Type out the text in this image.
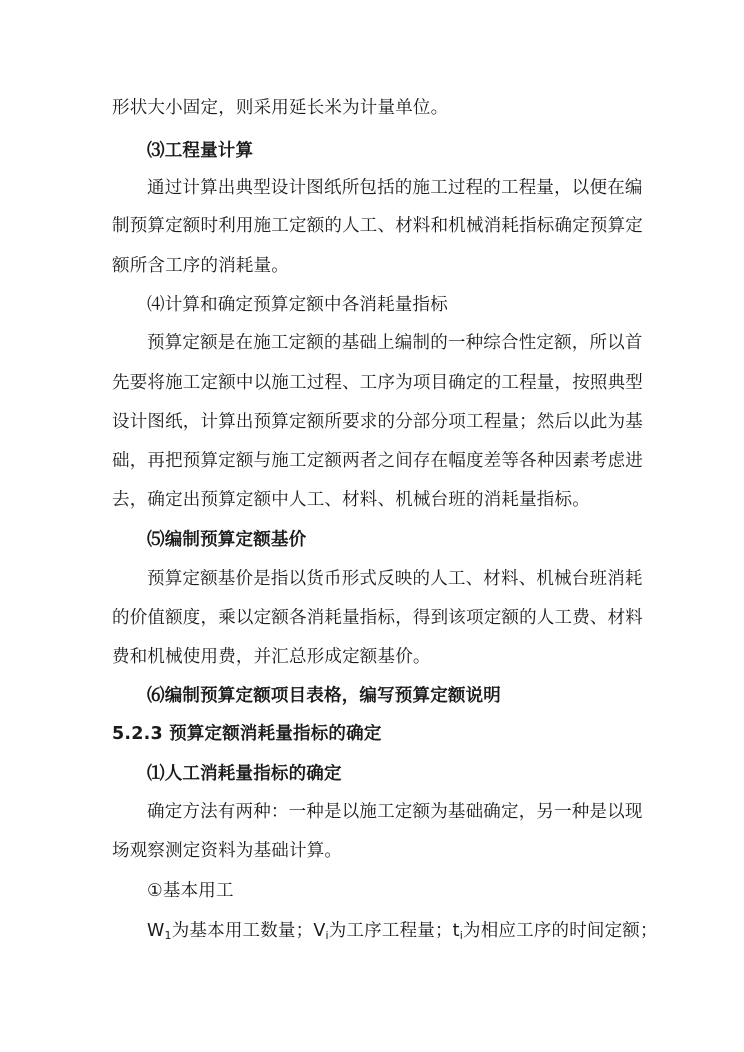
形状大小固定，则采用延长米为计量单位。
⑶工程量计算
通过计算出典型设计图纸所包括的施工过程的工程量，以便在编
制预算定额时利用施工定额的人工、材料和机械消耗指标确定预算定
额所含工序的消耗量。
⑷计算和确定预算定额中各消耗量指标
预算定额是在施工定额的基础上编制的一种综合性定额，所以首
先要将施工定额中以施工过程、工序为项目确定的工程量，按照典型
设计图纸，计算出预算定额所要求的分部分项工程量；然后以此为基
础，再把预算定额与施工定额两者之间存在幅度差等各种因素考虑进
去，确定出预算定额中人工、材料、机械台班的消耗量指标。
⑸编制预算定额基价
预算定额基价是指以货币形式反映的人工、材料、机械台班消耗
的价值额度，乘以定额各消耗量指标，得到该项定额的人工费、材料
费和机械使用费，并汇总形成定额基价。
⑹编制预算定额项目表格，编写预算定额说明
5.2.3 预算定额消耗量指标的确定
⑴人工消耗量指标的确定
确定方法有两种：一种是以施工定额为基础确定，另一种是以现
场观察测定资料为基础计算。
①基本用工
$W_1$为基本用工数量；$V_i$为工序工程量；$t_i$为相应工序的时间定额；
